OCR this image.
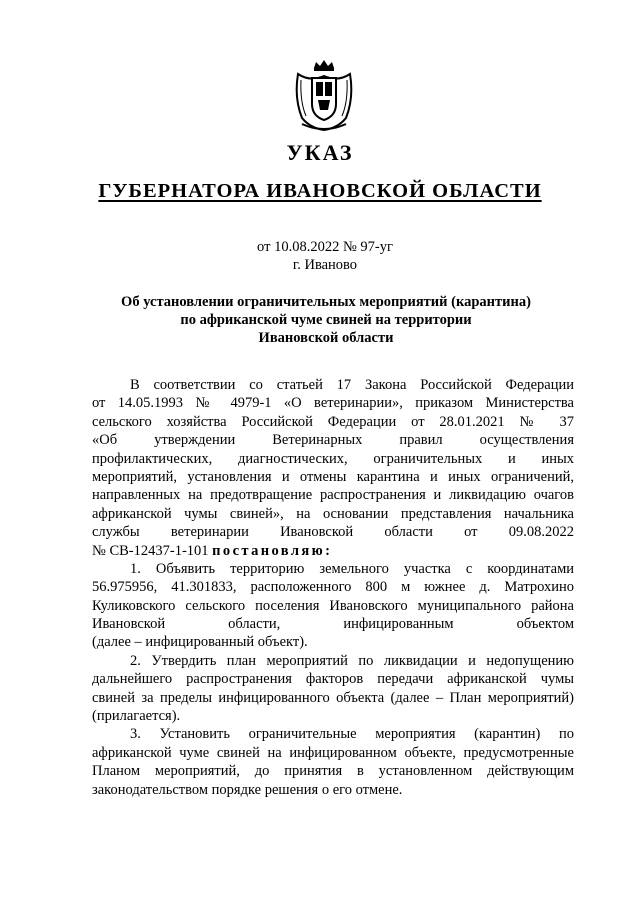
УКАЗ
ГУБЕРНАТОРА ИВАНОВСКОЙ ОБЛАСТИ
от 10.08.2022 № 97-уг
г. Иваново
Об установлении ограничительных мероприятий (карантина)
по африканской чуме свиней на территории
Ивановской области
В соответствии со статьей 17 Закона Российской Федерации
от 14.05.1993 № 4979-1 «О ветеринарии», приказом Министерства
сельского хозяйства Российской Федерации от 28.01.2021 № 37
«Об утверждении Ветеринарных правил осуществления
профилактических, диагностических, ограничительных и иных
мероприятий, установления и отмены карантина и иных ограничений,
направленных на предотвращение распространения и ликвидацию очагов
африканской чумы свиней», на основании представления начальника
службы ветеринарии Ивановской области от 09.08.2022
№ СВ-12437-1-101 постановляю:
1. Объявить территорию земельного участка с координатами
56.975956, 41.301833, расположенного 800 м южнее д. Матрохино
Куликовского сельского поселения Ивановского муниципального района
Ивановской области, инфицированным объектом
(далее – инфицированный объект).
2. Утвердить план мероприятий по ликвидации и недопущению
дальнейшего распространения факторов передачи африканской чумы
свиней за пределы инфицированного объекта (далее – План мероприятий)
(прилагается).
3. Установить ограничительные мероприятия (карантин) по
африканской чуме свиней на инфицированном объекте, предусмотренные
Планом мероприятий, до принятия в установленном действующим
законодательством порядке решения о его отмене.
